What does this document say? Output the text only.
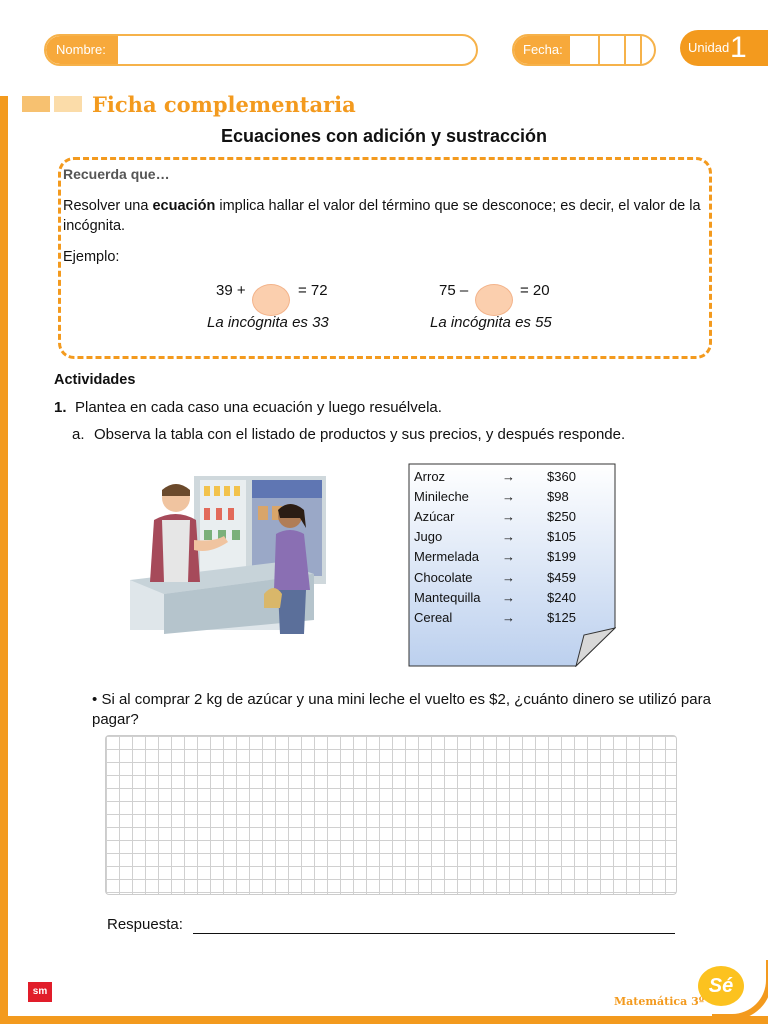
Nombre:	Fecha:	Unidad 1
Ficha complementaria
Ecuaciones con adición y sustracción
Recuerda que…
Resolver una ecuación implica hallar el valor del término que se desconoce; es decir, el valor de la incógnita.
Ejemplo:
39 +	= 72
La incógnita es 33
75 –	= 20
La incógnita es 55
Actividades
1. Plantea en cada caso una ecuación y luego resuélvela.
a. Observa la tabla con el listado de productos y sus precios, y después responde.
Arroz	→ $360
Minileche	→ $98
Azúcar	→ $250
Jugo	→ $105
Mermelada	→ $199
Chocolate	→ $459
Mantequilla	→ $240
Cereal	→ $125
• Si al comprar 2 kg de azúcar y una mini leche el vuelto es $2, ¿cuánto dinero se utilizó para pagar?
Respuesta:
sm
Matemática 3º
Sé
